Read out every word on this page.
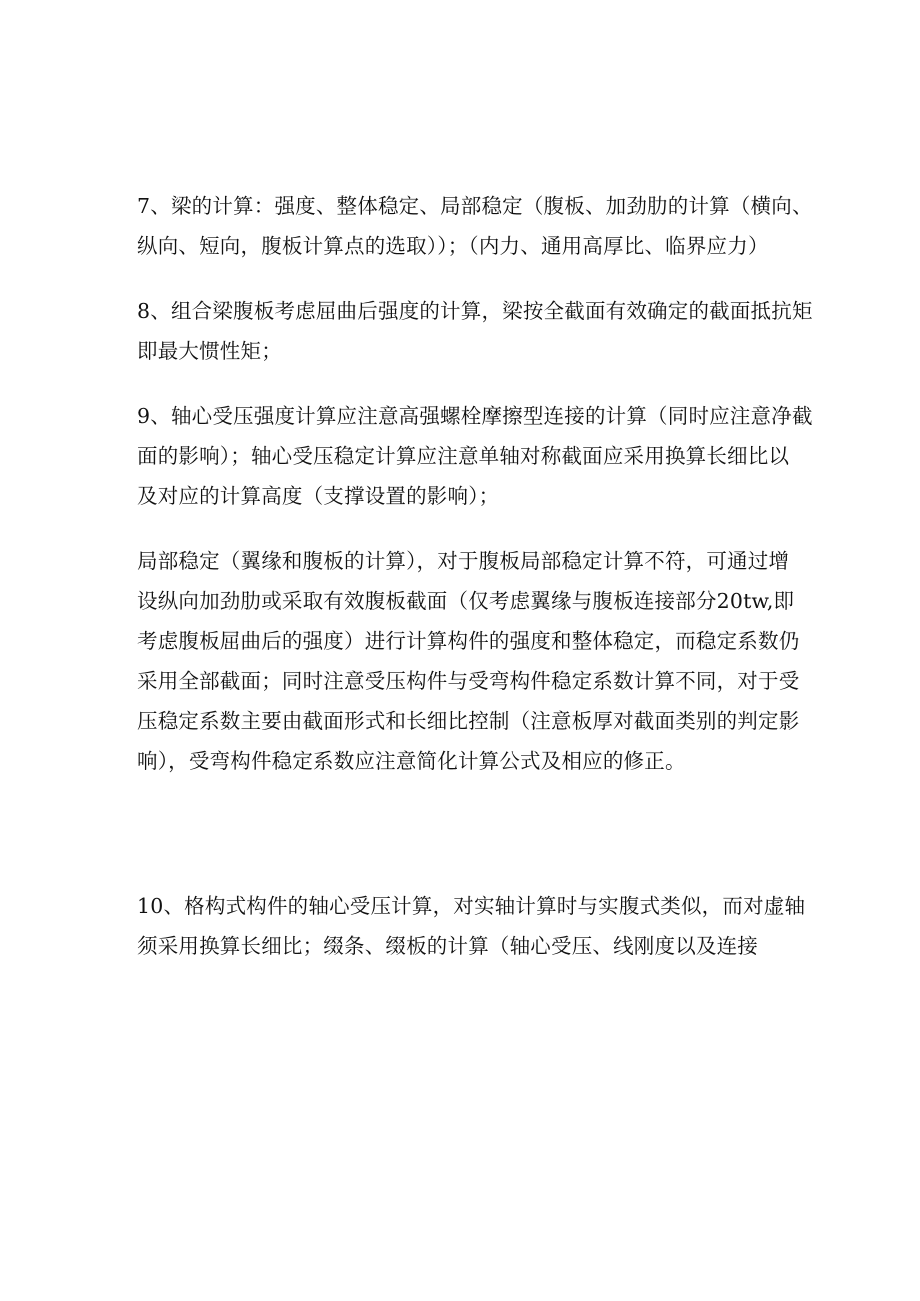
7、梁的计算：强度、整体稳定、局部稳定（腹板、加劲肋的计算（横向、
纵向、短向，腹板计算点的选取））；（内力、通用高厚比、临界应力）

8、组合梁腹板考虑屈曲后强度的计算，梁按全截面有效确定的截面抵抗矩
即最大惯性矩；

9、轴心受压强度计算应注意高强螺栓摩擦型连接的计算（同时应注意净截
面的影响）；轴心受压稳定计算应注意单轴对称截面应采用换算长细比以
及对应的计算高度（支撑设置的影响）；

局部稳定（翼缘和腹板的计算），对于腹板局部稳定计算不符，可通过增
设纵向加劲肋或采取有效腹板截面（仅考虑翼缘与腹板连接部分20tw,即
考虑腹板屈曲后的强度）进行计算构件的强度和整体稳定，而稳定系数仍
采用全部截面；同时注意受压构件与受弯构件稳定系数计算不同，对于受
压稳定系数主要由截面形式和长细比控制（注意板厚对截面类别的判定影
响），受弯构件稳定系数应注意简化计算公式及相应的修正。

10、格构式构件的轴心受压计算，对实轴计算时与实腹式类似，而对虚轴
须采用换算长细比；缀条、缀板的计算（轴心受压、线刚度以及连接
